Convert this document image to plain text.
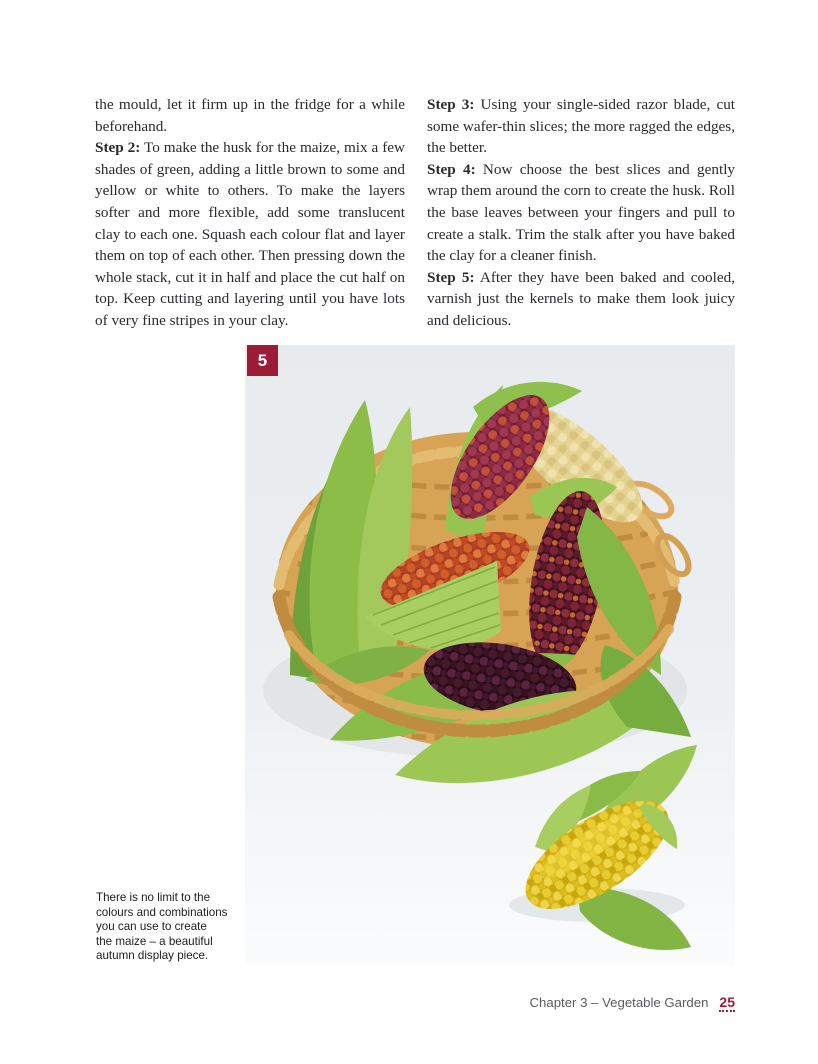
the mould, let it firm up in the fridge for a while beforehand.

Step 2: To make the husk for the maize, mix a few shades of green, adding a little brown to some and yellow or white to others. To make the layers softer and more flexible, add some translucent clay to each one. Squash each colour flat and layer them on top of each other. Then pressing down the whole stack, cut it in half and place the cut half on top. Keep cutting and layering until you have lots of very fine stripes in your clay.

Step 3: Using your single-sided razor blade, cut some wafer-thin slices; the more ragged the edges, the better.

Step 4: Now choose the best slices and gently wrap them around the corn to create the husk. Roll the base leaves between your fingers and pull to create a stalk. Trim the stalk after you have baked the clay for a cleaner finish.

Step 5: After they have been baked and cooled, varnish just the kernels to make them look juicy and delicious.

5
There is no limit to the
colours and combinations
you can use to create
the maize – a beautiful
autumn display piece.
Chapter 3 – Vegetable Garden 25
